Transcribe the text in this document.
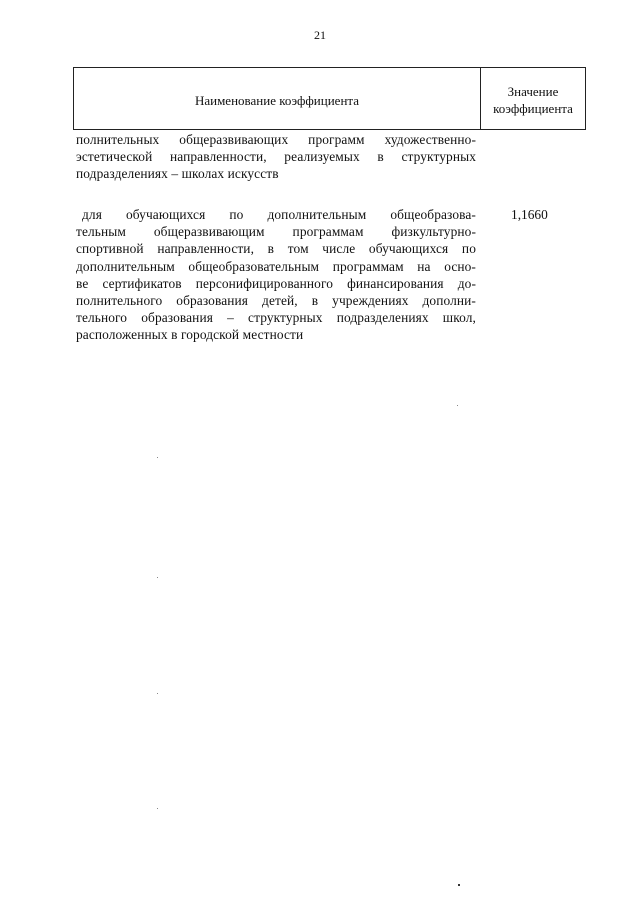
21
Наименование коэффициента
Значение
коэффициента
полнительных общеразвивающих программ художественно-
эстетической направленности, реализуемых в структурных
подразделениях – школах искусств
для обучающихся по дополнительным общеобразова-
тельным общеразвивающим программам физкультурно-
спортивной направленности, в том числе обучающихся по
дополнительным общеобразовательным программам на осно-
ве сертификатов персонифицированного финансирования до-
полнительного образования детей, в учреждениях дополни-
тельного образования – структурных подразделениях школ,
расположенных в городской местности
1,1660
